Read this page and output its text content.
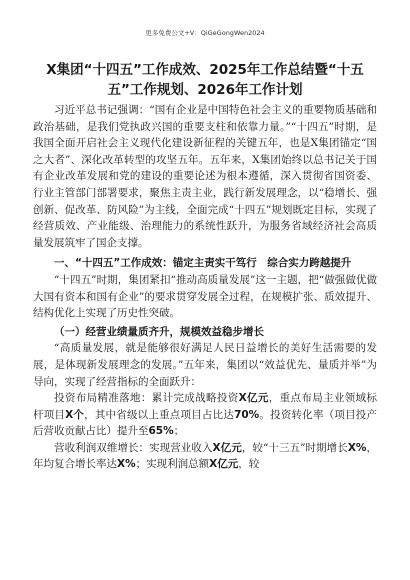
更多免费公文+V：QiGeGongWen2024
X集团“十四五”工作成效、2025年工作总结暨“十五
五”工作规划、2026年工作计划

习近平总书记强调：“国有企业是中国特色社会主义的重要物质基础和政治基础，是我们党执政兴国的重要支柱和依靠力量。”“十四五”时期，是我国全面开启社会主义现代化建设新征程的关键五年，也是X集团锚定“国之大者”、深化改革转型的攻坚五年。五年来，X集团始终以总书记关于国有企业改革发展和党的建设的重要论述为根本遵循，深入贯彻省国资委、行业主管部门部署要求，聚焦主责主业，践行新发展理念，以“稳增长、强创新、促改革、防风险”为主线，全面完成“十四五”规划既定目标，实现了经营质效、产业能级、治理能力的系统性跃升，为服务省域经济社会高质量发展筑牢了国企支撑。

一、“十四五”工作成效：锚定主责实干笃行　综合实力跨越提升

“十四五”时期，集团紧扣“推动高质量发展”这一主题，把“做强做优做大国有资本和国有企业”的要求贯穿发展全过程，在规模扩张、质效提升、结构优化上实现了历史性突破。

（一）经营业绩量质齐升，规模效益稳步增长

“高质量发展，就是能够很好满足人民日益增长的美好生活需要的发展，是体现新发展理念的发展。”五年来，集团以“效益优先、量质并举”为导向，实现了经营指标的全面跃升：

投资布局精准落地：累计完成战略投资X亿元，重点布局主业领域标杆项目X个，其中省级以上重点项目占比达70%。投资转化率（项目投产后营收贡献占比）提升至65%；

营收利润双维增长：实现营业收入X亿元，较“十三五”时期增长X%，年均复合增长率达X%；实现利润总额X亿元，较
